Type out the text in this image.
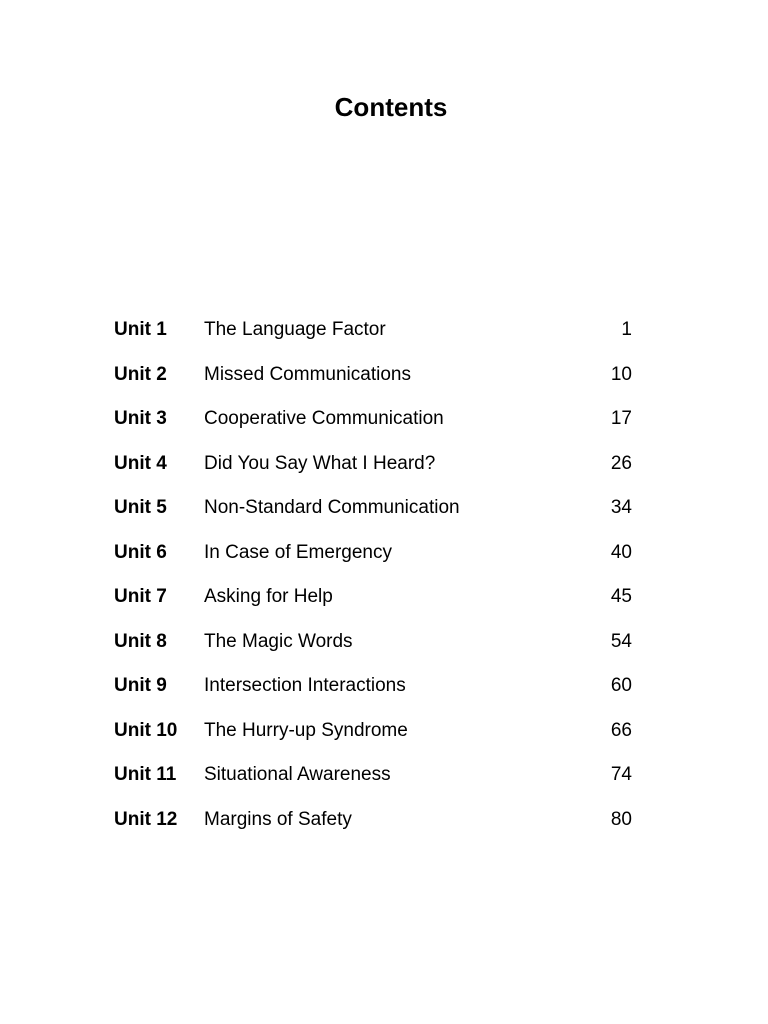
Contents
Unit 1 The Language Factor	1
Unit 2 Missed Communications	10
Unit 3 Cooperative Communication	17
Unit 4 Did You Say What I Heard?	26
Unit 5 Non-Standard Communication	34
Unit 6 In Case of Emergency	40
Unit 7 Asking for Help	45
Unit 8 The Magic Words	54
Unit 9 Intersection Interactions	60
Unit 10 The Hurry-up Syndrome	66
Unit 11 Situational Awareness	74
Unit 12 Margins of Safety	80
